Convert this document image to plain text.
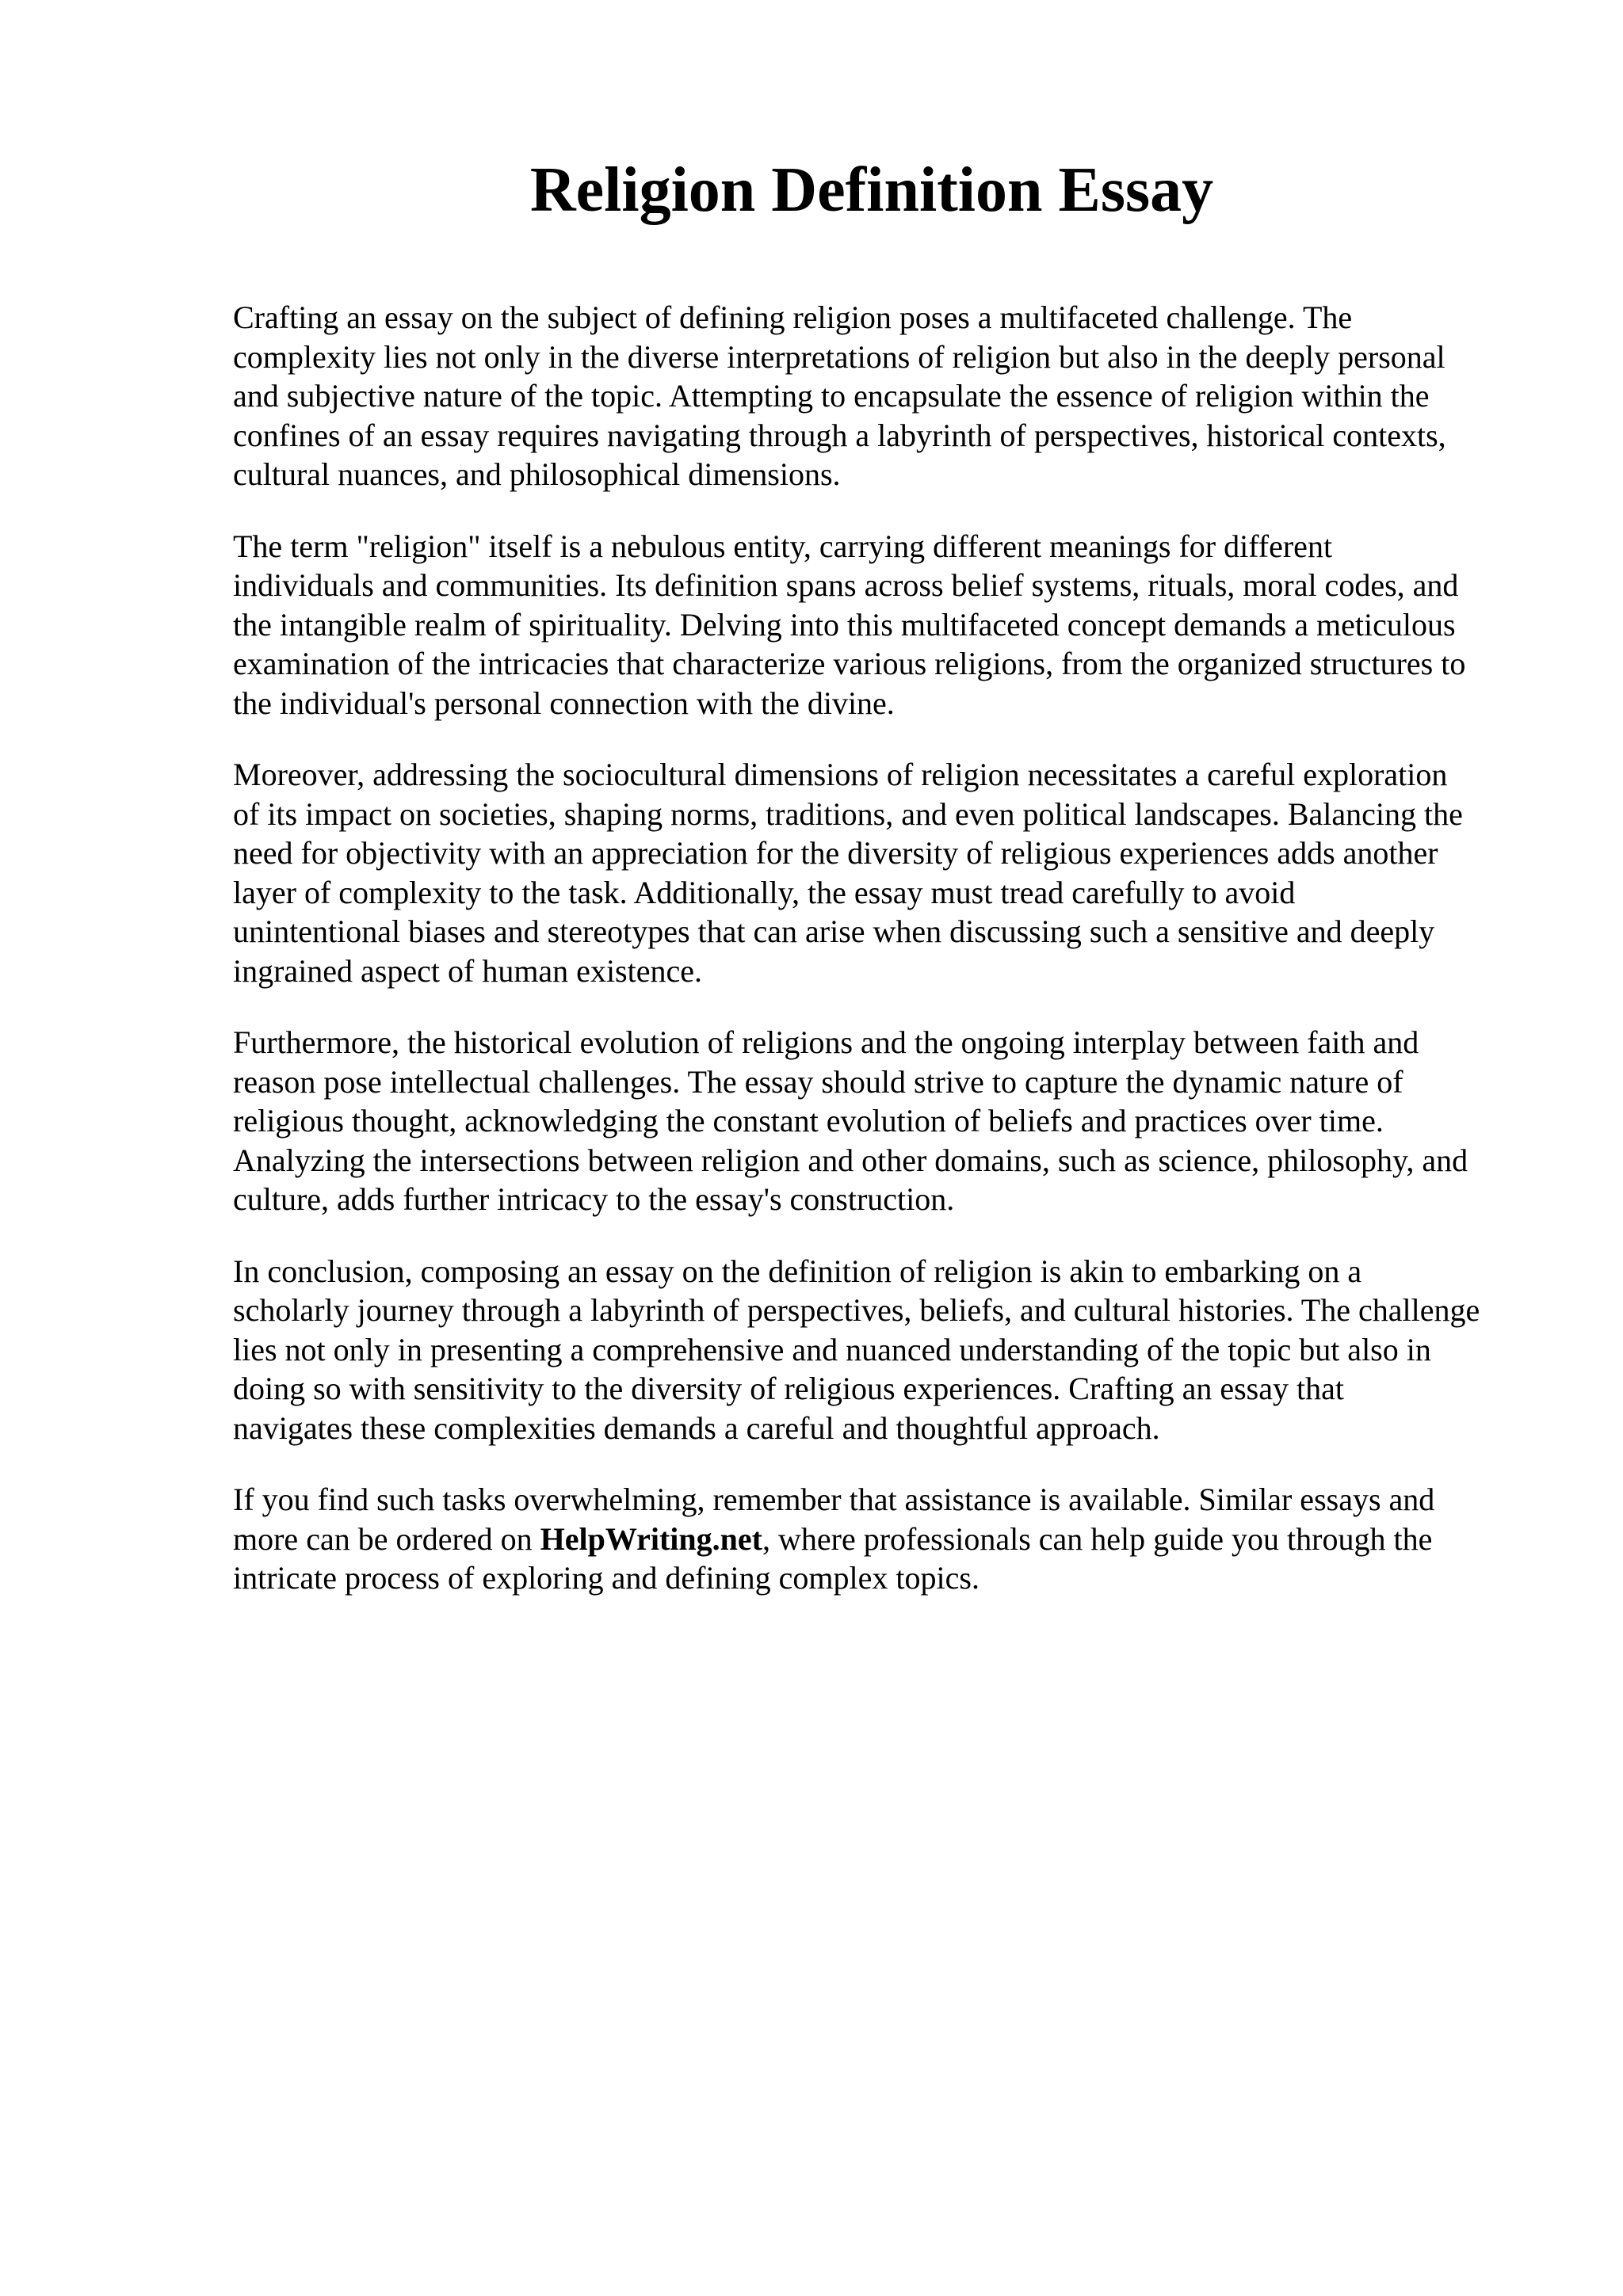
Religion Definition Essay

Crafting an essay on the subject of defining religion poses a multifaceted challenge. The
complexity lies not only in the diverse interpretations of religion but also in the deeply personal
and subjective nature of the topic. Attempting to encapsulate the essence of religion within the
confines of an essay requires navigating through a labyrinth of perspectives, historical contexts,
cultural nuances, and philosophical dimensions.

The term "religion" itself is a nebulous entity, carrying different meanings for different
individuals and communities. Its definition spans across belief systems, rituals, moral codes, and
the intangible realm of spirituality. Delving into this multifaceted concept demands a meticulous
examination of the intricacies that characterize various religions, from the organized structures to
the individual's personal connection with the divine.

Moreover, addressing the sociocultural dimensions of religion necessitates a careful exploration
of its impact on societies, shaping norms, traditions, and even political landscapes. Balancing the
need for objectivity with an appreciation for the diversity of religious experiences adds another
layer of complexity to the task. Additionally, the essay must tread carefully to avoid
unintentional biases and stereotypes that can arise when discussing such a sensitive and deeply
ingrained aspect of human existence.

Furthermore, the historical evolution of religions and the ongoing interplay between faith and
reason pose intellectual challenges. The essay should strive to capture the dynamic nature of
religious thought, acknowledging the constant evolution of beliefs and practices over time.
Analyzing the intersections between religion and other domains, such as science, philosophy, and
culture, adds further intricacy to the essay's construction.

In conclusion, composing an essay on the definition of religion is akin to embarking on a
scholarly journey through a labyrinth of perspectives, beliefs, and cultural histories. The challenge
lies not only in presenting a comprehensive and nuanced understanding of the topic but also in
doing so with sensitivity to the diversity of religious experiences. Crafting an essay that
navigates these complexities demands a careful and thoughtful approach.

If you find such tasks overwhelming, remember that assistance is available. Similar essays and
more can be ordered on HelpWriting.net, where professionals can help guide you through the
intricate process of exploring and defining complex topics.
